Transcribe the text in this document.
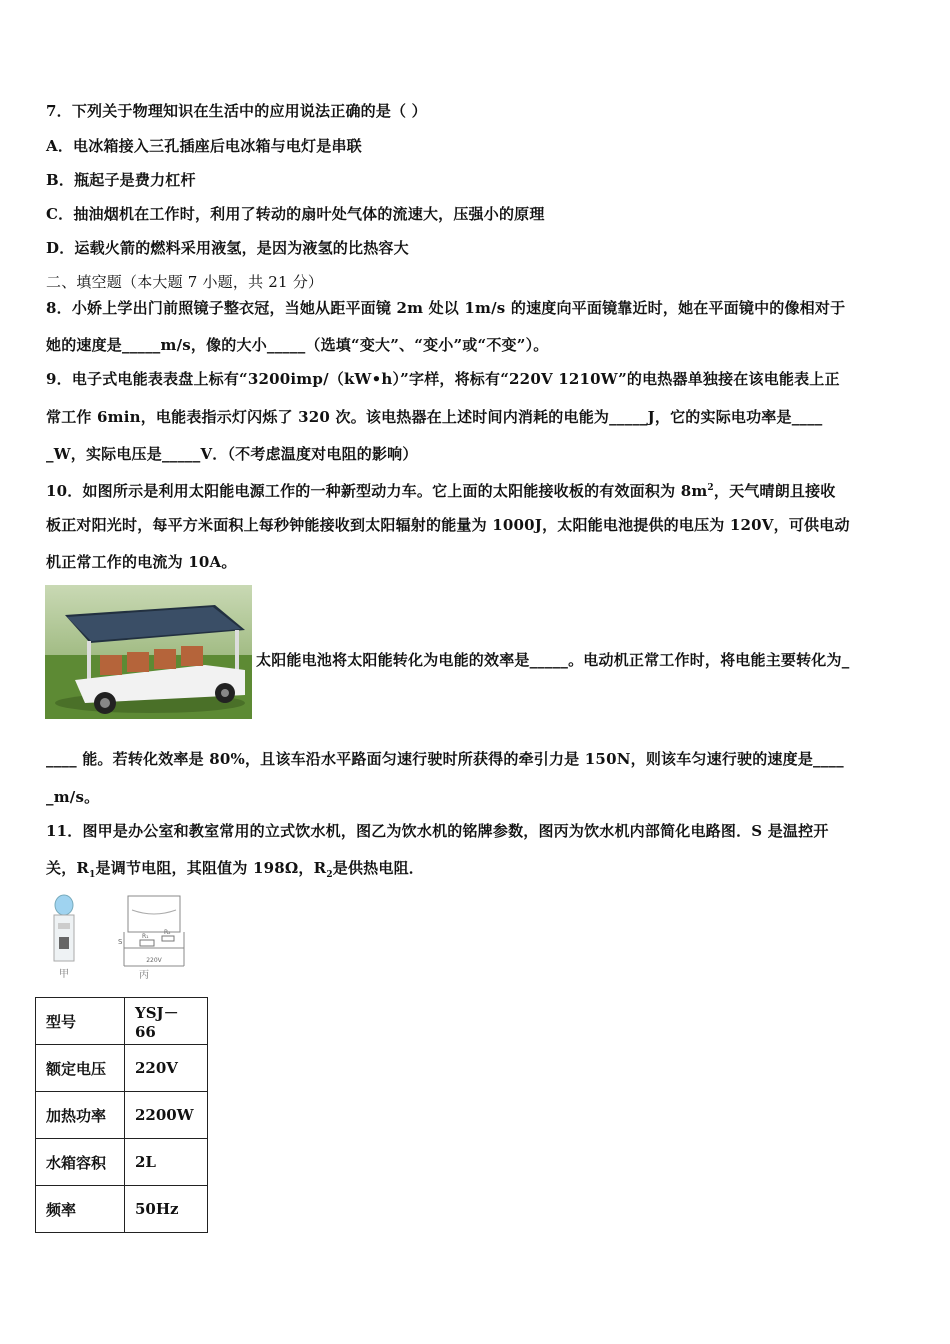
7．下列关于物理知识在生活中的应用说法正确的是（ ）
A．电冰箱接入三孔插座后电冰箱与电灯是串联
B．瓶起子是费力杠杆
C．抽油烟机在工作时，利用了转动的扇叶处气体的流速大，压强小的原理
D．运载火箭的燃料采用液氢，是因为液氢的比热容大
二、填空题（本大题 7 小题，共 21 分）
8．小娇上学出门前照镜子整衣冠，当她从距平面镜 2m 处以 1m/s 的速度向平面镜靠近时，她在平面镜中的像相对于
她的速度是_____m/s，像的大小_____（选填“变大”、“变小”或“不变”）。
9．电子式电能表表盘上标有“3200imp/（kW•h）”字样，将标有“220V 1210W”的电热器单独接在该电能表上正
常工作 6min，电能表指示灯闪烁了 320 次。该电热器在上述时间内消耗的电能为_____J，它的实际电功率是____
_W，实际电压是_____V．（不考虑温度对电阻的影响）
10．如图所示是利用太阳能电源工作的一种新型动力车。它上面的太阳能接收板的有效面积为 $8m^2$，天气晴朗且接收
板正对阳光时，每平方米面积上每秒钟能接收到太阳辐射的能量为 1000J，太阳能电池提供的电压为 120V，可供电动
机正常工作的电流为 10A。
太阳能电池将太阳能转化为电能的效率是_____。电动机正常工作时，将电能主要转化为_
____ 能。若转化效率是 80%，且该车沿水平路面匀速行驶时所获得的牵引力是 150N，则该车匀速行驶的速度是____
_m/s。
11．图甲是办公室和教室常用的立式饮水机，图乙为饮水机的铭牌参数，图丙为饮水机内部简化电路图．S 是温控开
关，$R_1$是调节电阻，其阻值为 198Ω，$R_2$是供热电阻．
甲
S
R₁
R₂
220V
丙
型号	YSJ－66
额定电压	220V
加热功率	2200W
水箱容积	2L
频率	50Hz
